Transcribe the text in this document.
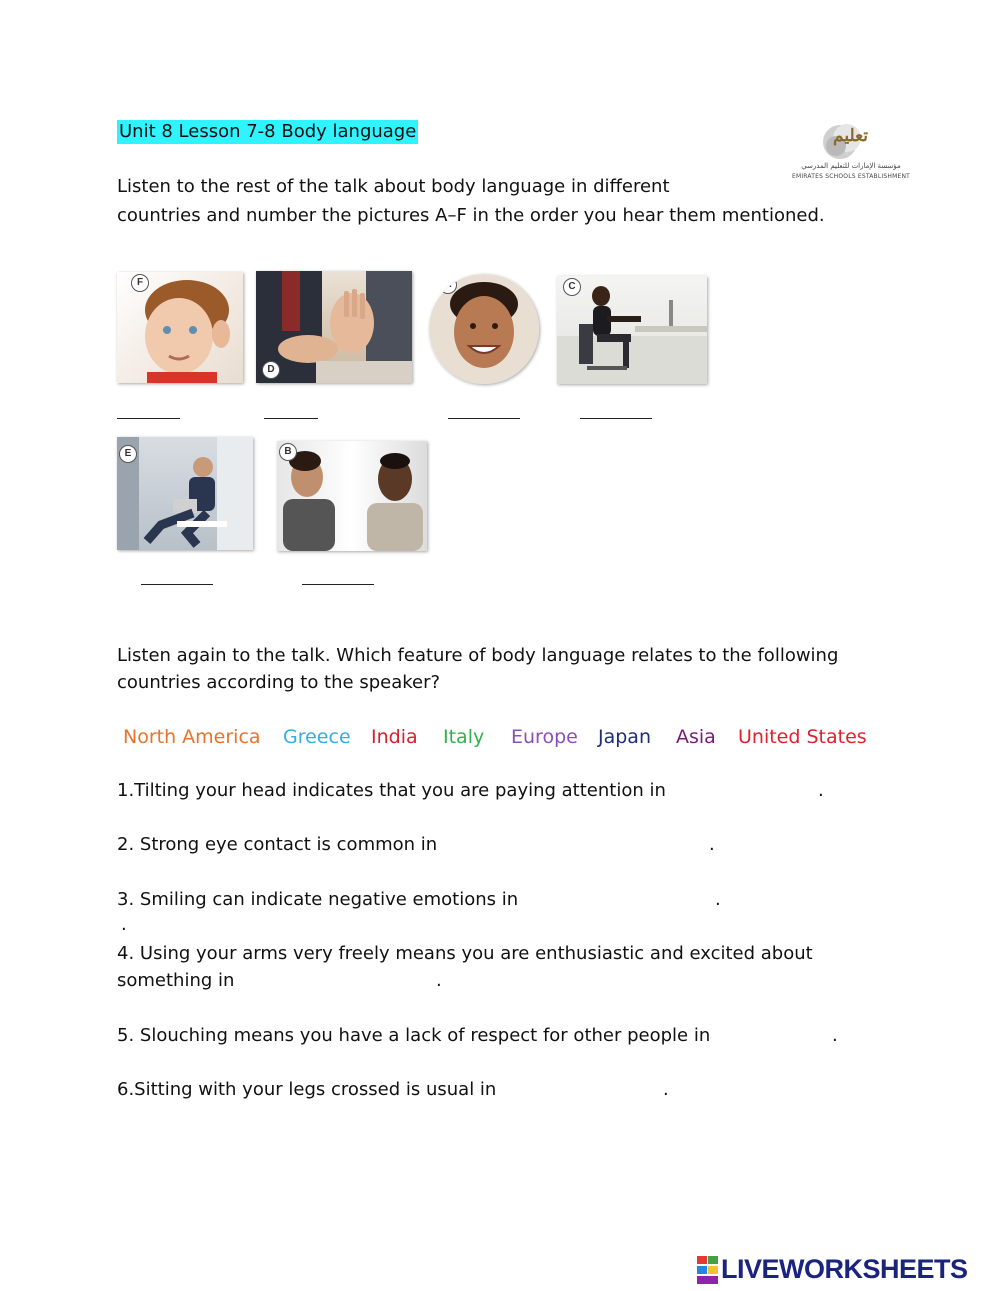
Unit 8 Lesson 7-8 Body language	تعليم
مؤسسة الإمارات للتعليم المدرسي
EMIRATES SCHOOLS ESTABLISHMENT
Listen to the rest of the talk about body language in different
countries and number the pictures A–F in the order you hear them mentioned.
F
D
A	C
E	B
Listen again to the talk. Which feature of body language relates to the following
countries according to the speaker?
North America Greece India Italy Europe Japan Asia United States
1.Tilting your head indicates that you are paying attention in	.
2. Strong eye contact is common in	.
3. Smiling can indicate negative emotions in	.
.
4. Using your arms very freely means you are enthusiastic and excited about
something in	.
5. Slouching means you have a lack of respect for other people in	.
6.Sitting with your legs crossed is usual in	.
LIVEWORKSHEETS
